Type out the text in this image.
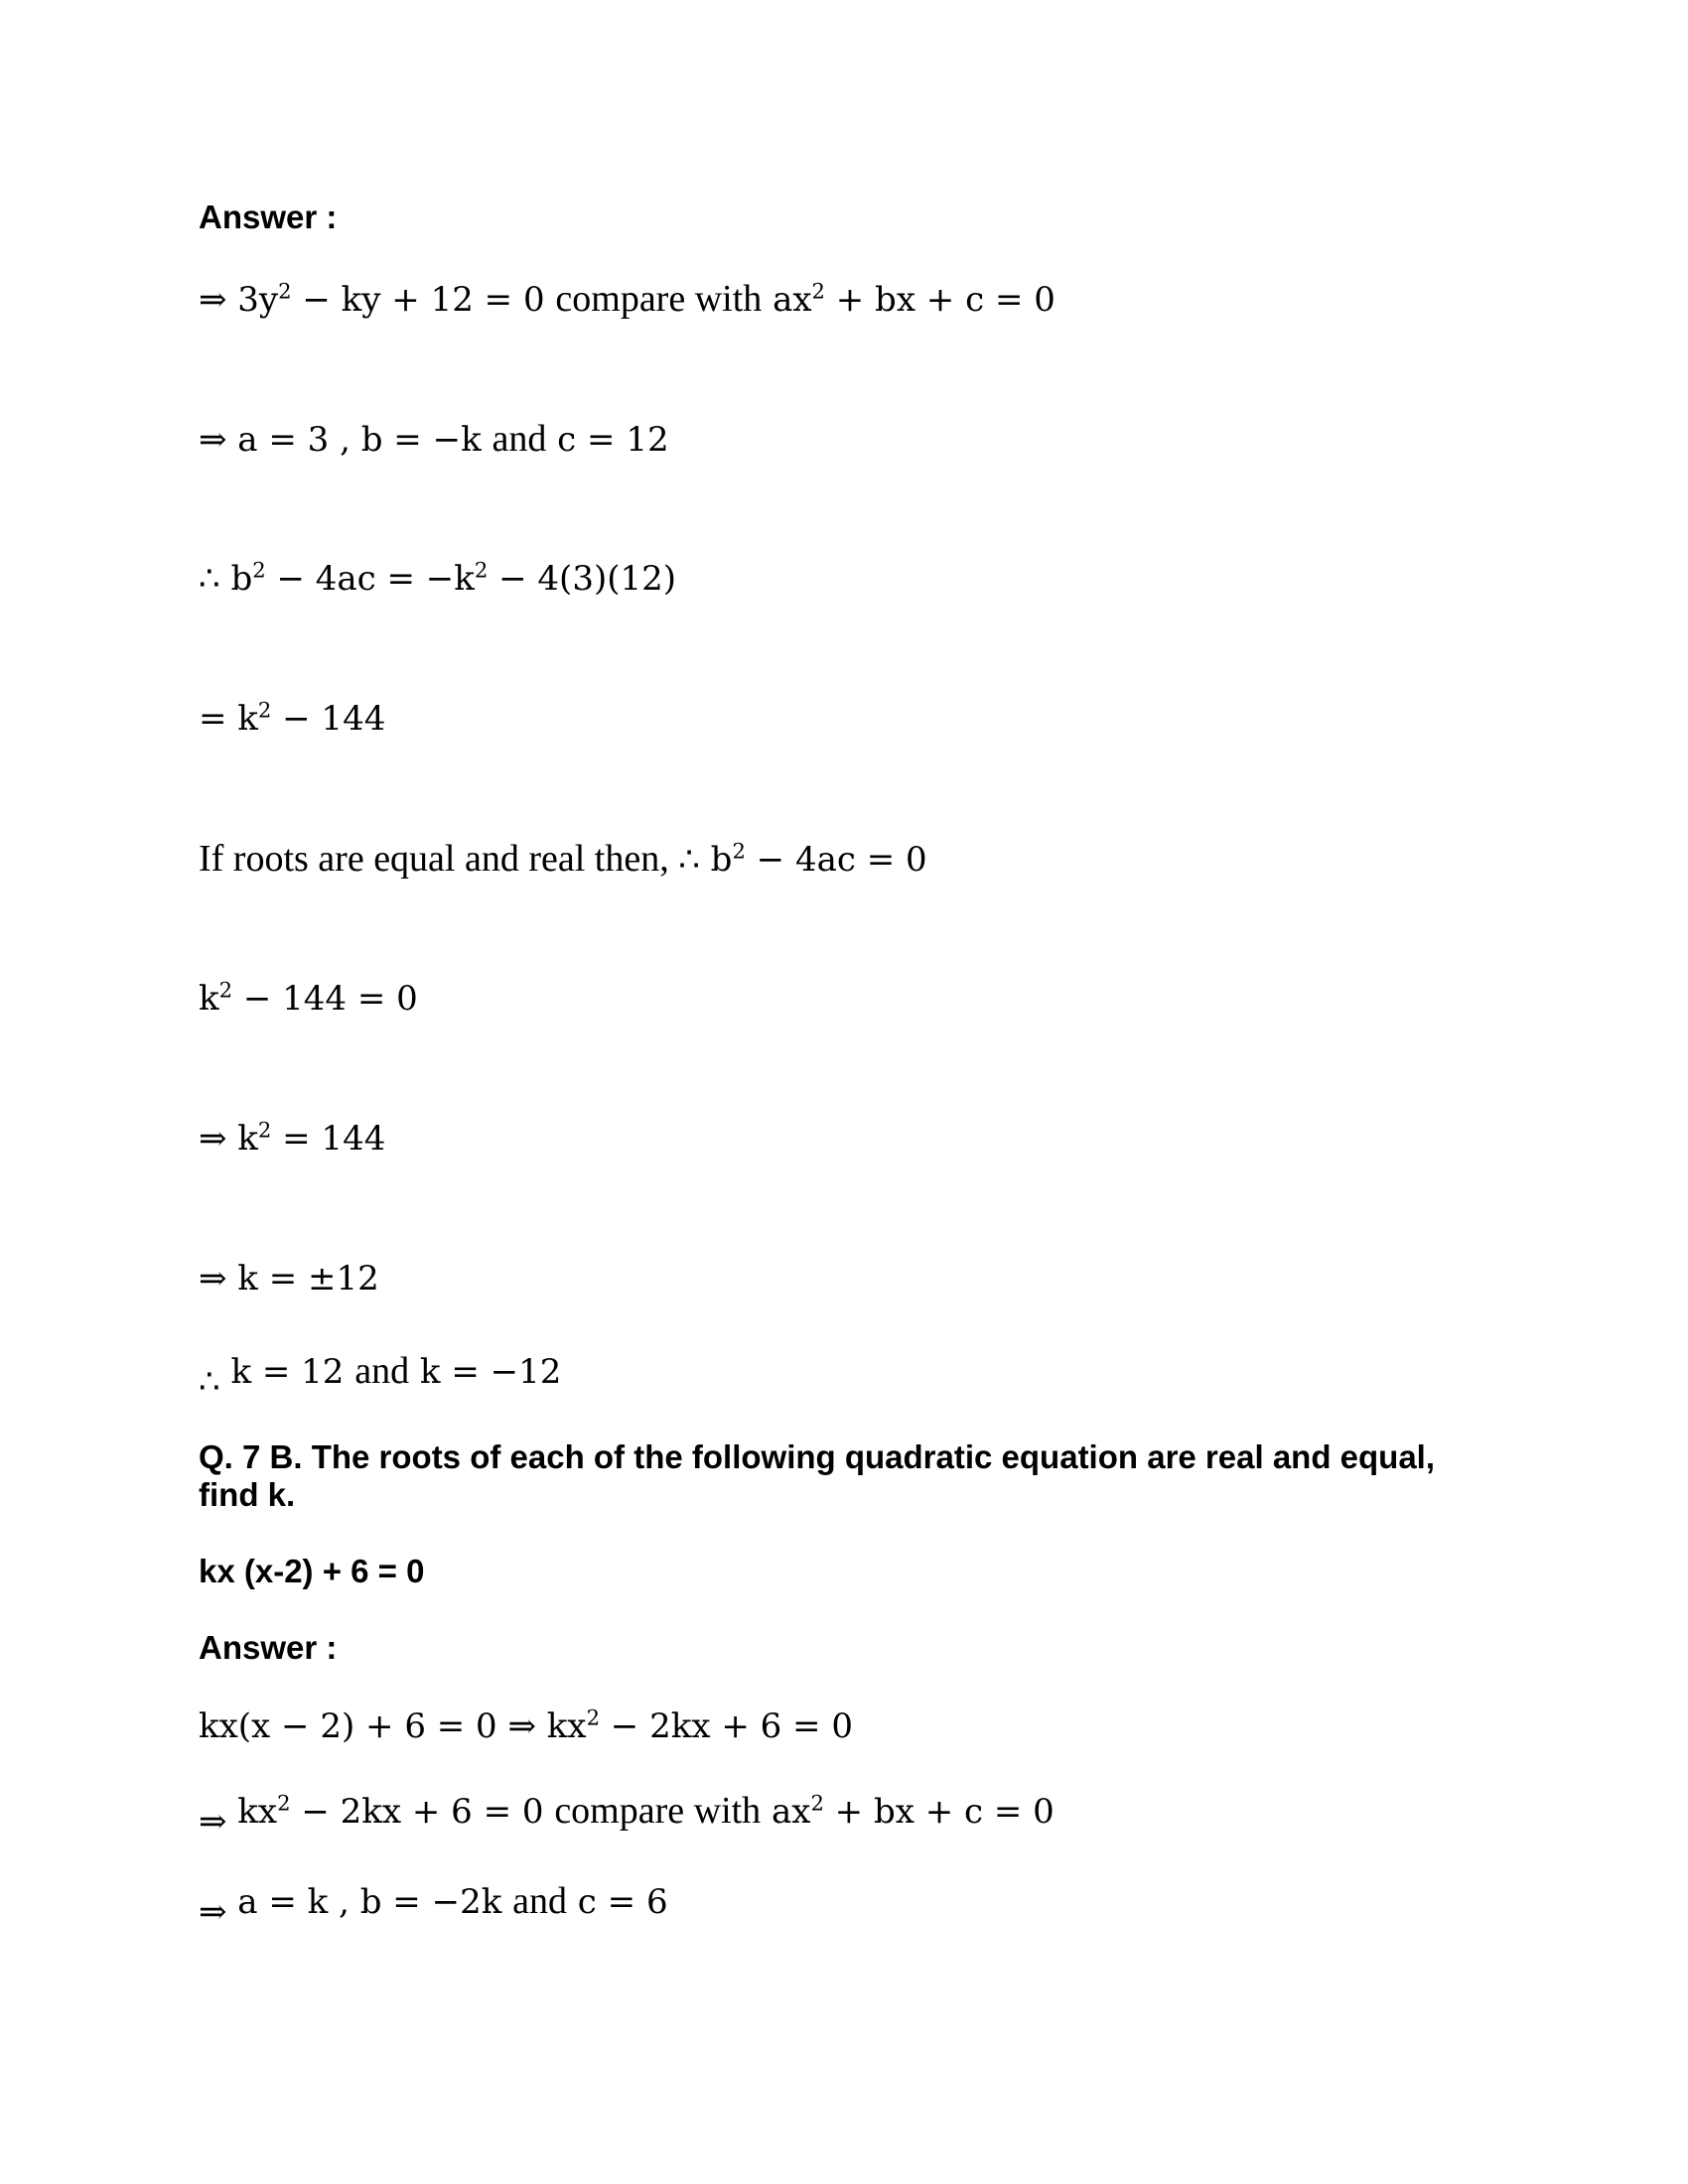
Answer :
⇒ $3y^2$ − ky + 12 = 0 compare with $ax^2$ + bx + c = 0
⇒ a = 3 , b = −k and c = 12
∴ $b^2 - 4ac = -k^2 - 4(3)(12)$
= $k^2 - 144$
If roots are equal and real then, ∴ $b^2 - 4ac = 0$
$k^2 - 144 = 0$
⇒ $k^2 = 144$
⇒ k = ±12
∴ k = 12 and k = −12
Q. 7 B. The roots of each of the following quadratic equation are real and equal, find k.
kx (x-2) + 6 = 0
Answer :
kx(x − 2) + 6 = 0 ⇒ $kx^2 - 2kx + 6 = 0$
⇒ $kx^2 - 2kx + 6 = 0$ compare with $ax^2$ + bx + c = 0
⇒ a = k , b = −2k and c = 6
